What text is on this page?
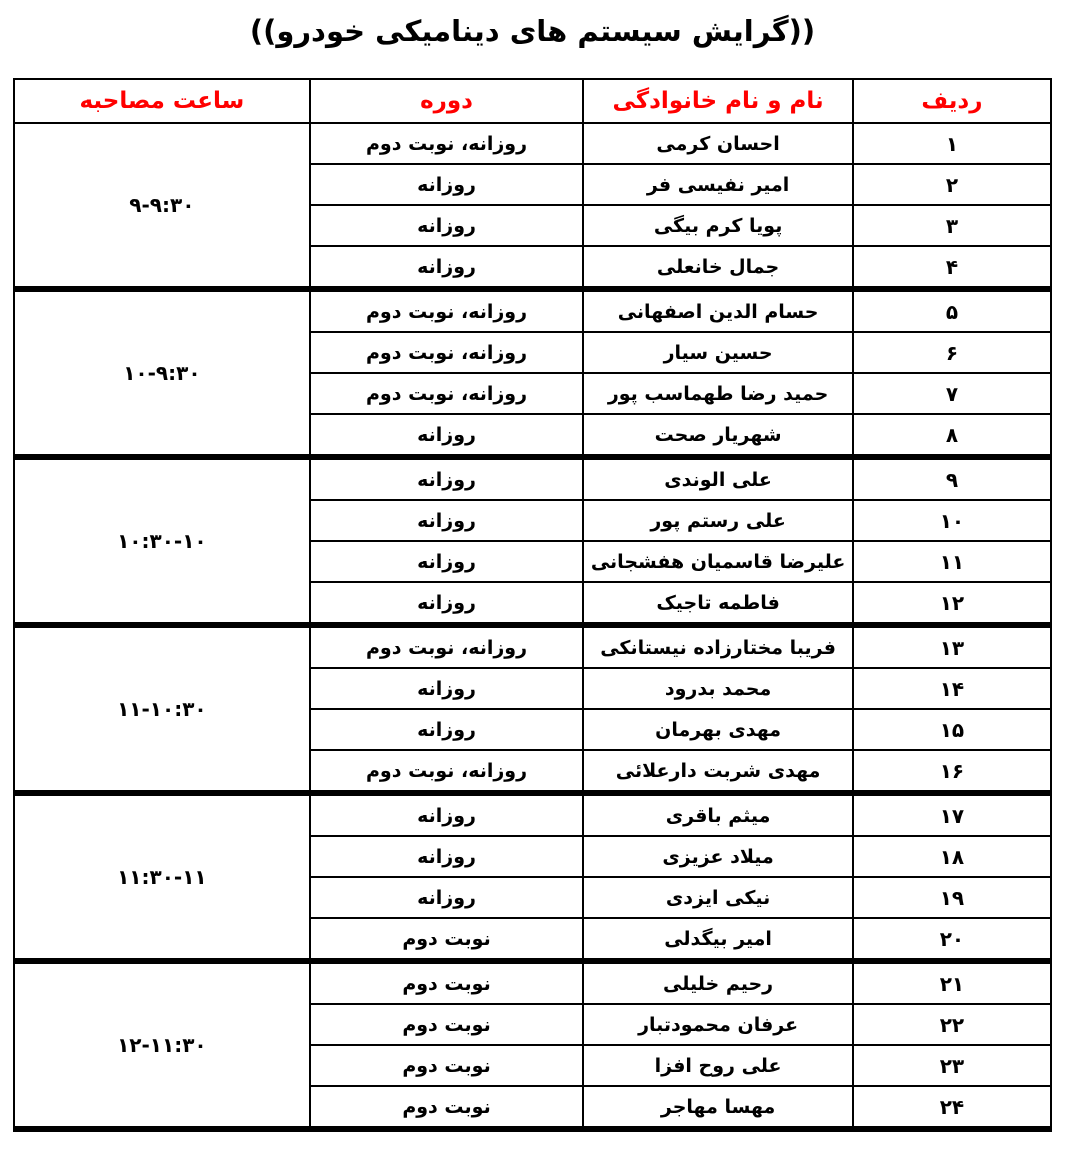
((گرایش سیستم های دینامیکی خودرو))
ردیف	نام و نام خانوادگی	دوره	ساعت مصاحبه
۱	احسان کرمی	روزانه، نوبت دوم	۹-۹:۳۰
۲	امیر نفیسی فر	روزانه	
۳	پویا کرم بیگی	روزانه	
۴	جمال خانعلی	روزانه	
۵	حسام الدین اصفهانی	روزانه، نوبت دوم	۱۰-۹:۳۰
۶	حسین سیار	روزانه، نوبت دوم	
۷	حمید رضا طهماسب پور	روزانه، نوبت دوم	
۸	شهریار صحت	روزانه	
۹	علی الوندی	روزانه	۱۰:۳۰-۱۰
۱۰	علی رستم پور	روزانه	
۱۱	علیرضا قاسمیان هفشجانی	روزانه	
۱۲	فاطمه تاجیک	روزانه	
۱۳	فریبا مختارزاده نیستانکی	روزانه، نوبت دوم	۱۱-۱۰:۳۰
۱۴	محمد بدرود	روزانه	
۱۵	مهدی بهرمان	روزانه	
۱۶	مهدی شربت دارعلائی	روزانه، نوبت دوم	
۱۷	میثم باقری	روزانه	۱۱:۳۰-۱۱
۱۸	میلاد عزیزی	روزانه	
۱۹	نیکی ایزدی	روزانه	
۲۰	امیر بیگدلی	نوبت دوم	
۲۱	رحیم خلیلی	نوبت دوم	۱۲-۱۱:۳۰
۲۲	عرفان محمودتبار	نوبت دوم	
۲۳	علی روح افزا	نوبت دوم	
۲۴	مهسا مهاجر	نوبت دوم	
